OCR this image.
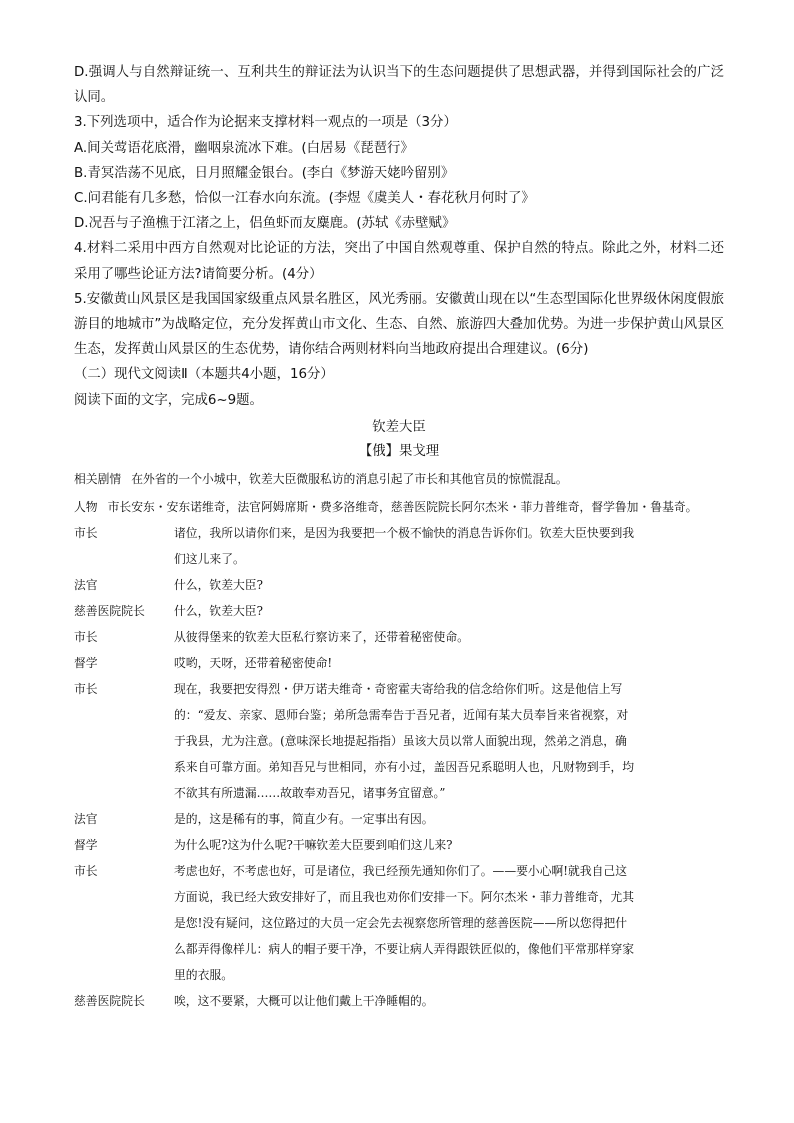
D.强调人与自然辩证统一、互利共生的辩证法为认识当下的生态问题提供了思想武器，并得到国际社会的广泛认同。

3.下列选项中，适合作为论据来支撑材料一观点的一项是（3分）

A.间关莺语花底滑，幽咽泉流冰下难。(白居易《琵琶行》

B.青冥浩荡不见底，日月照耀金银台。(李白《梦游天姥吟留别》

C.问君能有几多愁，恰似一江春水向东流。(李煜《虞美人・春花秋月何时了》

D.况吾与子渔樵于江渚之上，侣鱼虾而友麋鹿。(苏轼《赤壁赋》

4.材料二采用中西方自然观对比论证的方法，突出了中国自然观尊重、保护自然的特点。除此之外，材料二还采用了哪些论证方法?请简要分析。(4分）

5.安徽黄山风景区是我国国家级重点风景名胜区，风光秀丽。安徽黄山现在以“生态型国际化世界级休闲度假旅游目的地城市”为战略定位，充分发挥黄山市文化、生态、自然、旅游四大叠加优势。为进一步保护黄山风景区生态，发挥黄山风景区的生态优势，请你结合两则材料向当地政府提出合理建议。(6分)

（二）现代文阅读Ⅱ（本题共4小题，16分）

阅读下面的文字，完成6~9题。

钦差大臣
【俄】果戈理

相关剧情 在外省的一个小城中，钦差大臣微服私访的消息引起了市长和其他官员的惊慌混乱。

人物 市长安东・安东诺维奇，法官阿姆席斯・费多洛维奇，慈善医院院长阿尔杰米・菲力普维奇，督学鲁加・鲁基奇。

市长	诸位，我所以请你们来，是因为我要把一个极不愉快的消息告诉你们。钦差大臣快要到我
们这儿来了。
法官	什么，钦差大臣?
慈善医院院长	什么，钦差大臣?
市长	从彼得堡来的钦差大臣私行察访来了，还带着秘密使命。
督学	哎哟，天呀，还带着秘密使命!
市长	现在，我要把安得烈・伊万诺夫维奇・奇密霍夫寄给我的信念给你们听。这是他信上写
的：“爱友、亲家、恩师台鉴；弟所急需奉告于吾兄者，近闻有某大员奉旨来省视察，对
于我县，尤为注意。(意味深长地提起指指）虽该大员以常人面貌出现，然弟之消息，确
系来自可靠方面。弟知吾兄与世相同，亦有小过，盖因吾兄系聪明人也，凡财物到手，均
不欲其有所遗漏……故敢奉劝吾兄，诸事务宜留意。”
法官	是的，这是稀有的事，简直少有。一定事出有因。
督学	为什么呢?这为什么呢?干嘛钦差大臣要到咱们这儿来?
市长	考虑也好，不考虑也好，可是诸位，我已经预先通知你们了。——要小心啊!就我自己这
方面说，我已经大致安排好了，而且我也劝你们安排一下。阿尔杰米・菲力普维奇，尤其
是您!没有疑问，这位路过的大员一定会先去视察您所管理的慈善医院——所以您得把什
么都弄得像样儿：病人的帽子要干净，不要让病人弄得跟铁匠似的，像他们平常那样穿家
里的衣服。
慈善医院院长	唉，这不要紧，大概可以让他们戴上干净睡帽的。
